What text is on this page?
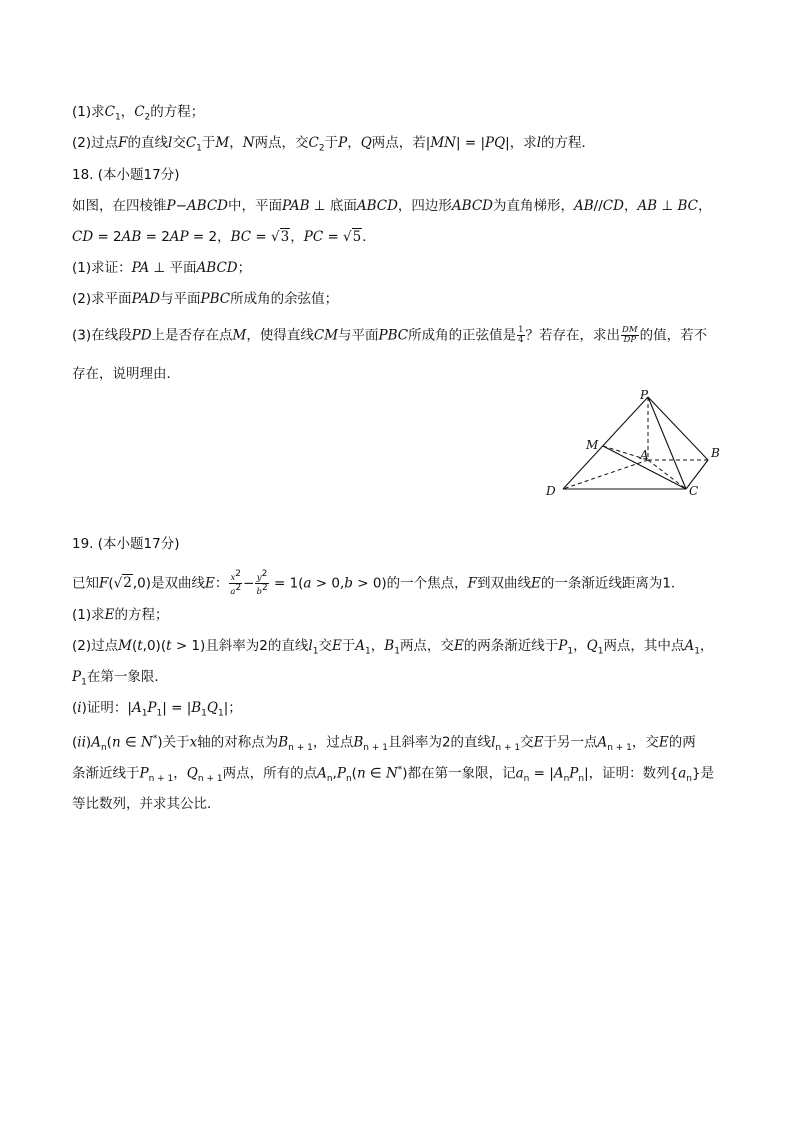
(1)求$C_1$，$C_2$的方程；
(2)过点F的直线l交$C_1$于M，N两点，交$C_2$于P，Q两点，若|MN| = |PQ|，求l的方程．
18. (本小题17分)
如图，在四棱锥P−ABCD中，平面PAB ⊥ 底面ABCD，四边形ABCD为直角梯形，AB//CD，AB ⊥ BC，
CD = 2AB = 2AP = 2，BC = √3，PC = √5．
(1)求证：PA ⊥ 平面ABCD；
(2)求平面PAD与平面PBC所成角的余弦值；
(3)在线段PD上是否存在点M，使得直线CM与平面PBC所成角的正弦值是 $\frac{1}{4}$ ？若存在，求出 $\frac{DM}{DP}$ 的值，若不
存在，说明理由．
P
M
A	B
D	C
19. (本小题17分)
已知F(√2,0)是双曲线E： $\frac{x^2}{a^2} - \frac{y^2}{b^2} = 1(a > 0,b > 0)$的一个焦点，F到双曲线E的一条渐近线距离为1．
(1)求E的方程；
(2)过点M(t,0)(t > 1)且斜率为2的直线$l_1$交E于$A_1$，$B_1$两点，交E的两条渐近线于$P_1$，$Q_1$两点，其中点$A_1$，
$P_1$在第一象限．
(i)证明：$|A_1P_1| = |B_1Q_1|$；
$(ii)A_n(n$ ∈ N*)关于x轴的对称点为$B_{n + 1}$，过点$B_{n + 1}$且斜率为2的直线$l_{n + 1}$交E于另一点$A_{n + 1}$，交E的两
条渐近线于$P_{n + 1}$，$Q_{n + 1}$两点，所有的点$A_n,P_n(n$ ∈ N*)都在第一象限，记$a_n = |A_nP_n|$，证明：数列$\{a_n\}$是
等比数列，并求其公比．
